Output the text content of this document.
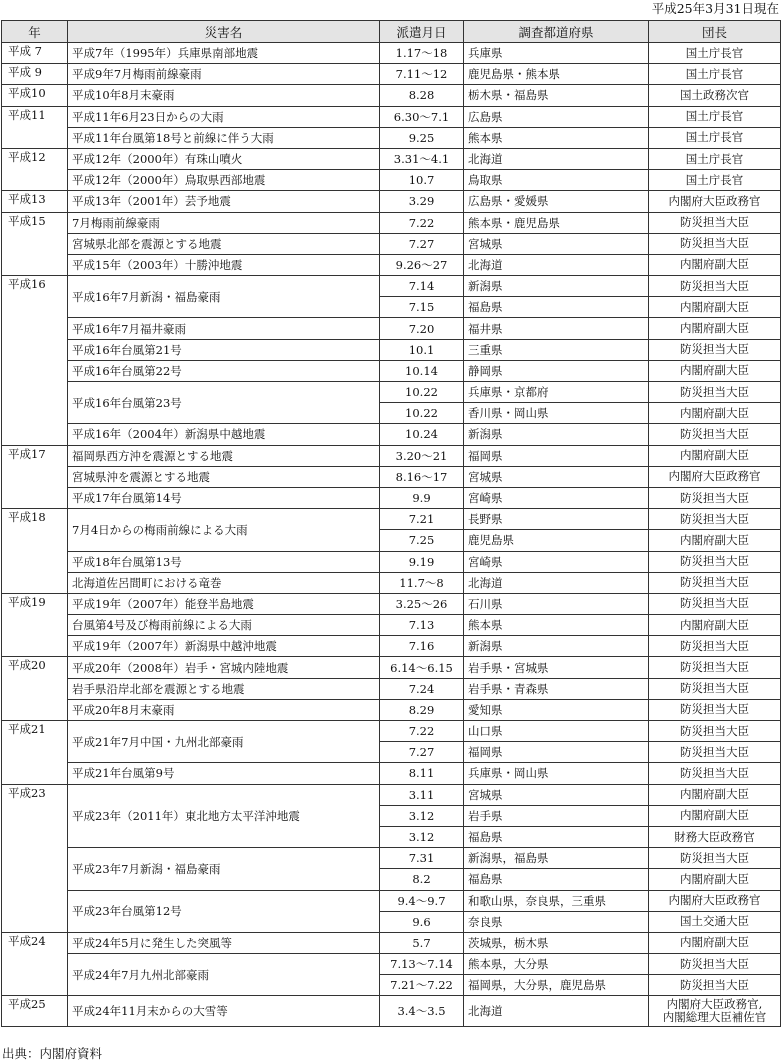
平成25年3月31日現在
年	災害名	派遣月日	調査都道府県	団長
平成 7	平成7年（1995年）兵庫県南部地震	1.17～18	兵庫県	国土庁長官
平成 9	平成9年7月梅雨前線豪雨	7.11～12	鹿児島県・熊本県	国土庁長官
平成10	平成10年8月末豪雨	8.28	栃木県・福島県	国土政務次官
平成11	平成11年6月23日からの大雨	6.30～7.1	広島県	国土庁長官
	平成11年台風第18号と前線に伴う大雨	9.25	熊本県	国土庁長官
平成12	平成12年（2000年）有珠山噴火	3.31～4.1	北海道	国土庁長官
	平成12年（2000年）鳥取県西部地震	10.7	鳥取県	国土庁長官
平成13	平成13年（2001年）芸予地震	3.29	広島県・愛媛県	内閣府大臣政務官
平成15	7月梅雨前線豪雨	7.22	熊本県・鹿児島県	防災担当大臣
	宮城県北部を震源とする地震	7.27	宮城県	防災担当大臣
	平成15年（2003年）十勝沖地震	9.26～27	北海道	内閣府副大臣
平成16	平成16年7月新潟・福島豪雨	7.14	新潟県	防災担当大臣
		7.15	福島県	内閣府副大臣
	平成16年7月福井豪雨	7.20	福井県	内閣府副大臣
	平成16年台風第21号	10.1	三重県	防災担当大臣
	平成16年台風第22号	10.14	静岡県	内閣府副大臣
	平成16年台風第23号	10.22	兵庫県・京都府	防災担当大臣
		10.22	香川県・岡山県	内閣府副大臣
	平成16年（2004年）新潟県中越地震	10.24	新潟県	防災担当大臣
平成17	福岡県西方沖を震源とする地震	3.20～21	福岡県	内閣府副大臣
	宮城県沖を震源とする地震	8.16～17	宮城県	内閣府大臣政務官
	平成17年台風第14号	9.9	宮崎県	防災担当大臣
平成18	7月4日からの梅雨前線による大雨	7.21	長野県	防災担当大臣
		7.25	鹿児島県	内閣府副大臣
	平成18年台風第13号	9.19	宮崎県	防災担当大臣
	北海道佐呂間町における竜巻	11.7～8	北海道	防災担当大臣
平成19	平成19年（2007年）能登半島地震	3.25～26	石川県	防災担当大臣
	台風第4号及び梅雨前線による大雨	7.13	熊本県	内閣府副大臣
	平成19年（2007年）新潟県中越沖地震	7.16	新潟県	防災担当大臣
平成20	平成20年（2008年）岩手・宮城内陸地震	6.14～6.15	岩手県・宮城県	防災担当大臣
	岩手県沿岸北部を震源とする地震	7.24	岩手県・青森県	防災担当大臣
	平成20年8月末豪雨	8.29	愛知県	防災担当大臣
平成21	平成21年7月中国・九州北部豪雨	7.22	山口県	防災担当大臣
		7.27	福岡県	防災担当大臣
	平成21年台風第9号	8.11	兵庫県・岡山県	防災担当大臣
平成23	平成23年（2011年）東北地方太平洋沖地震	3.11	宮城県	内閣府副大臣
		3.12	岩手県	内閣府副大臣
		3.12	福島県	財務大臣政務官
	平成23年7月新潟・福島豪雨	7.31	新潟県，福島県	防災担当大臣
		8.2	福島県	内閣府副大臣
	平成23年台風第12号	9.4～9.7	和歌山県，奈良県，三重県	内閣府大臣政務官
		9.6	奈良県	国土交通大臣
平成24	平成24年5月に発生した突風等	5.7	茨城県，栃木県	内閣府副大臣
	平成24年7月九州北部豪雨	7.13～7.14	熊本県，大分県	防災担当大臣
		7.21～7.22	福岡県，大分県，鹿児島県	防災担当大臣
平成25	平成24年11月末からの大雪等	3.4～3.5	北海道	内閣府大臣政務官,
内閣総理大臣補佐官
出典：内閣府資料
